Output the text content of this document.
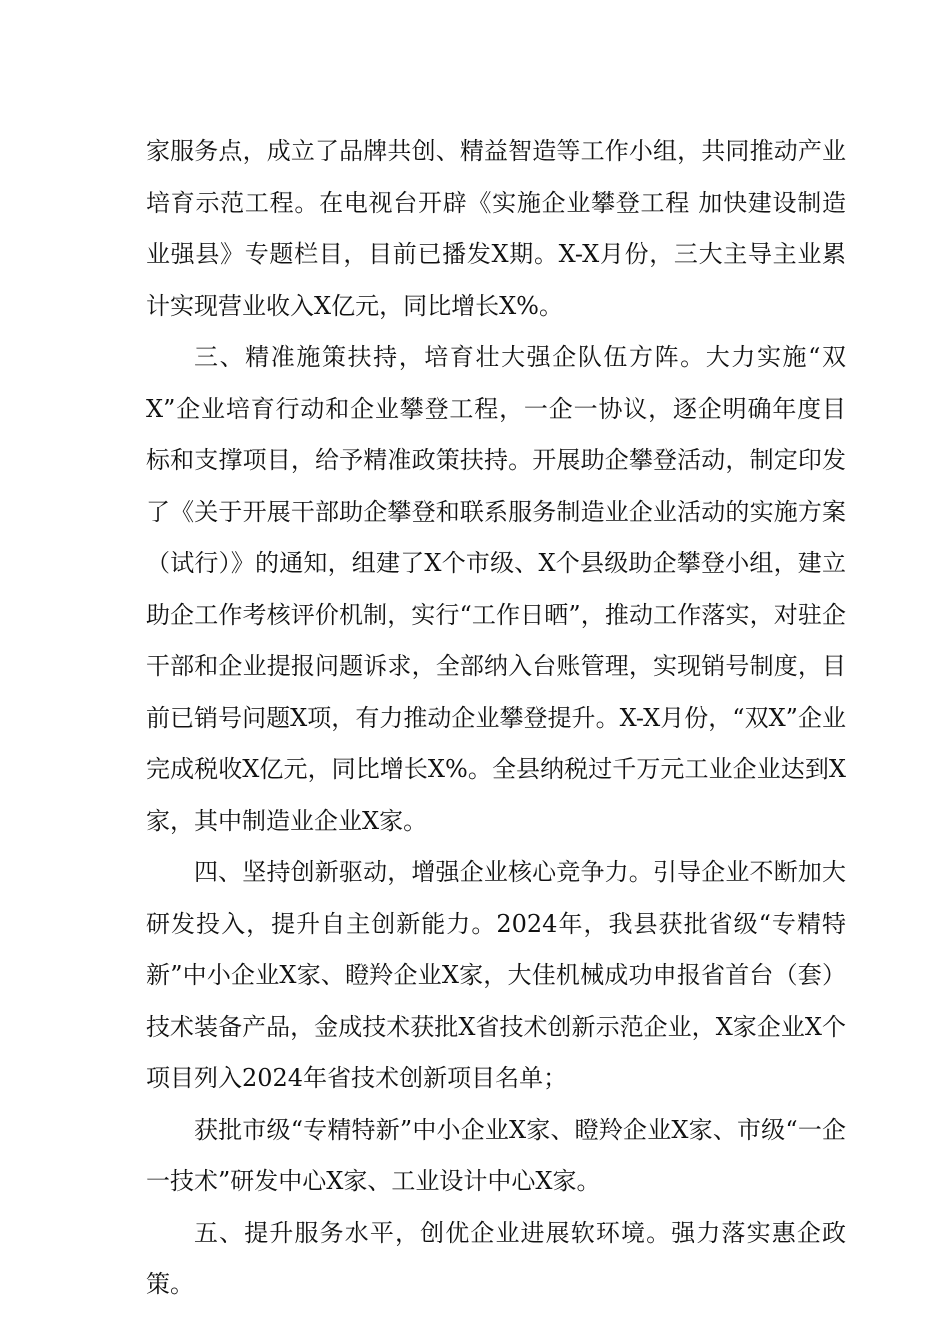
家服务点，成立了品牌共创、精益智造等工作小组，共同推动产业培育示范工程。在电视台开辟《实施企业攀登工程 加快建设制造业强县》专题栏目，目前已播发X期。X-X月份，三大主导主业累计实现营业收入X亿元，同比增长X%。

三、精准施策扶持，培育壮大强企队伍方阵。大力实施“双X”企业培育行动和企业攀登工程，一企一协议，逐企明确年度目标和支撑项目，给予精准政策扶持。开展助企攀登活动，制定印发了《关于开展干部助企攀登和联系服务制造业企业活动的实施方案（试行）》的通知，组建了X个市级、X个县级助企攀登小组，建立助企工作考核评价机制，实行“工作日晒”，推动工作落实，对驻企干部和企业提报问题诉求，全部纳入台账管理，实现销号制度，目前已销号问题X项，有力推动企业攀登提升。X-X月份，“双X”企业完成税收X亿元，同比增长X%。全县纳税过千万元工业企业达到X家，其中制造业企业X家。

四、坚持创新驱动，增强企业核心竞争力。引导企业不断加大研发投入，提升自主创新能力。2024年，我县获批省级“专精特新”中小企业X家、瞪羚企业X家，大佳机械成功申报省首台（套）技术装备产品，金成技术获批X省技术创新示范企业，X家企业X个项目列入2024年省技术创新项目名单；

获批市级“专精特新”中小企业X家、瞪羚企业X家、市级“一企一技术”研发中心X家、工业设计中心X家。

五、提升服务水平，创优企业进展软环境。强力落实惠企政策。
